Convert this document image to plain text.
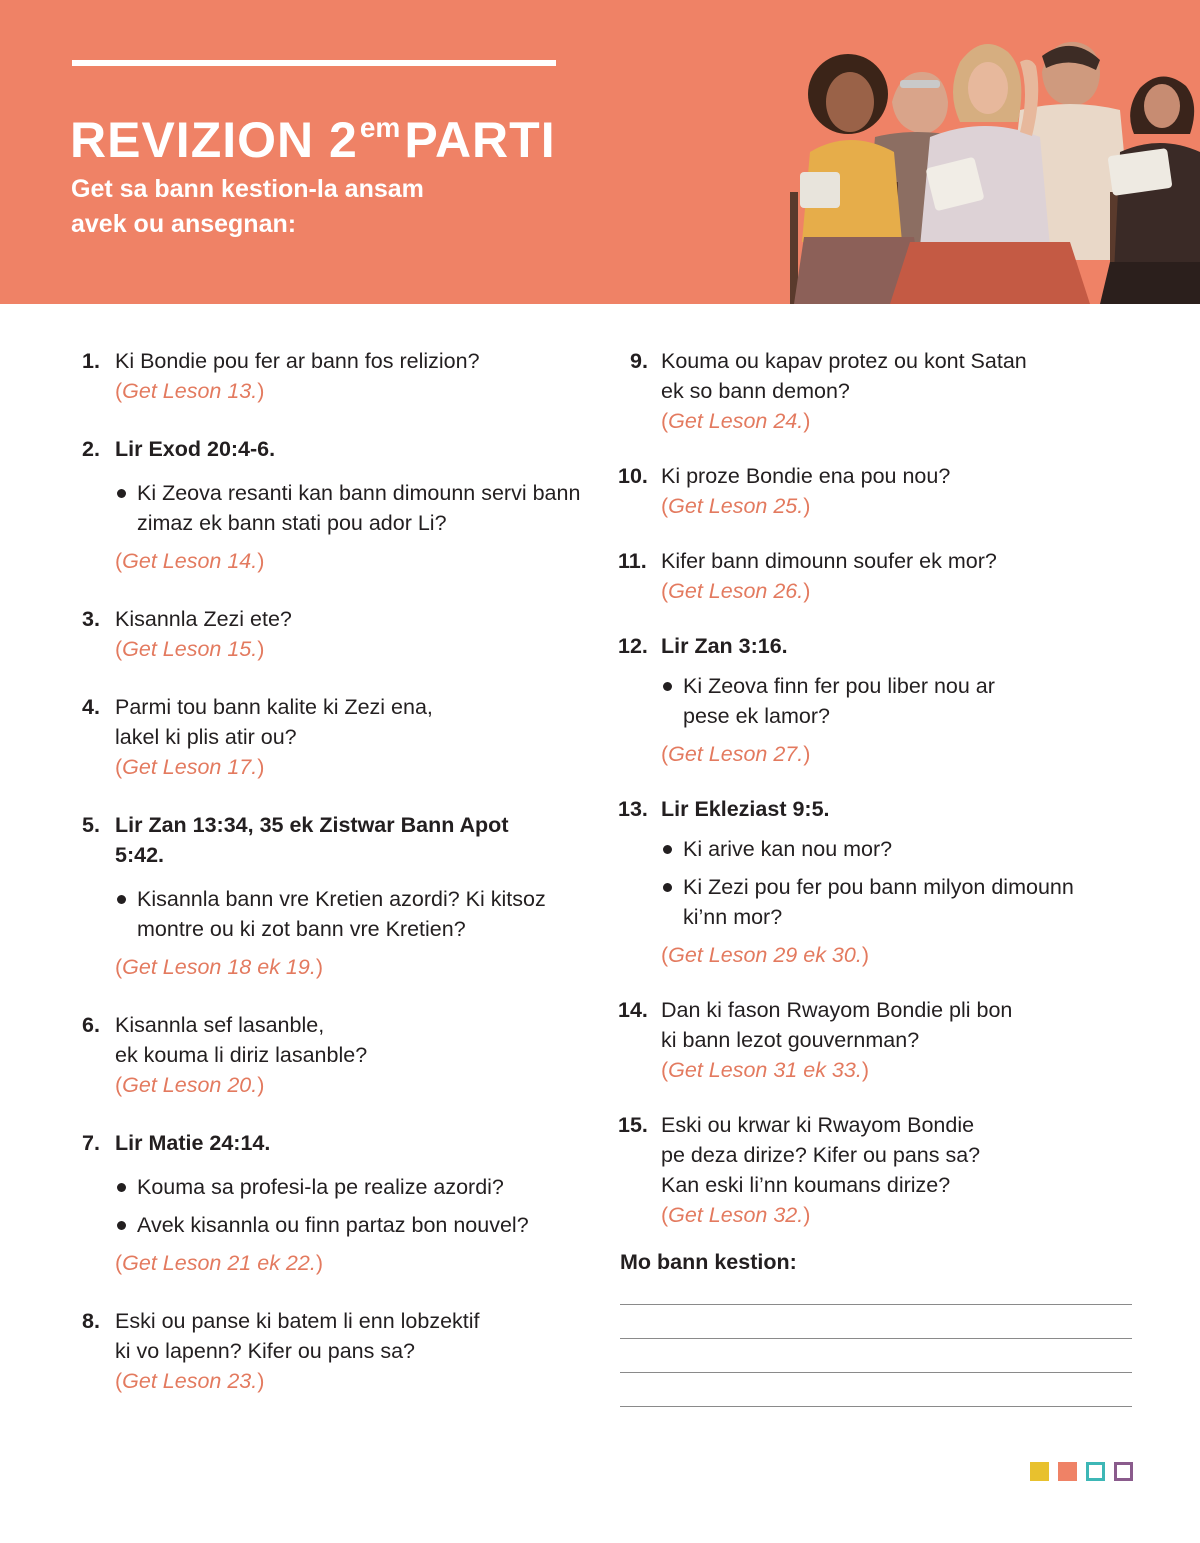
REVIZION $2^{em}PARTI$
Get sa bann kestion-la ansam
avek ou ansegnan:
1. Ki Bondie pou fer ar bann fos relizion?
(Get Leson 13.)
2. Lir Exod 20:4-6.
Ki Zeova resanti kan bann dimounn servi bann zimaz ek bann stati pou ador Li?
(Get Leson 14.)
3. Kisannla Zezi ete?
(Get Leson 15.)
4. Parmi tou bann kalite ki Zezi ena,
lakel ki plis atir ou?
(Get Leson 17.)
5. Lir Zan 13:34, 35 ek Zistwar Bann Apot
5:42.
Kisannla bann vre Kretien azordi? Ki kitsoz montre ou ki zot bann vre Kretien?
(Get Leson 18 ek 19.)
6. Kisannla sef lasanble,
ek kouma li diriz lasanble?
(Get Leson 20.)
7. Lir Matie 24:14.
Kouma sa profesi-la pe realize azordi?
Avek kisannla ou finn partaz bon nouvel?
(Get Leson 21 ek 22.)
8. Eski ou panse ki batem li enn lobzektif
ki vo lapenn? Kifer ou pans sa?
(Get Leson 23.)
9. Kouma ou kapav protez ou kont Satan
ek so bann demon?
(Get Leson 24.)
10. Ki proze Bondie ena pou nou?
(Get Leson 25.)
11. Kifer bann dimounn soufer ek mor?
(Get Leson 26.)
12. Lir Zan 3:16.
Ki Zeova finn fer pou liber nou ar pese ek lamor?
(Get Leson 27.)
13. Lir Ekleziast 9:5.
Ki arive kan nou mor?
Ki Zezi pou fer pou bann milyon dimounn ki’nn mor?
(Get Leson 29 ek 30.)
14. Dan ki fason Rwayom Bondie pli bon
ki bann lezot gouvernman?
(Get Leson 31 ek 33.)
15. Eski ou krwar ki Rwayom Bondie
pe deza dirize? Kifer ou pans sa?
Kan eski li’nn koumans dirize?
(Get Leson 32.)
Mo bann kestion:
